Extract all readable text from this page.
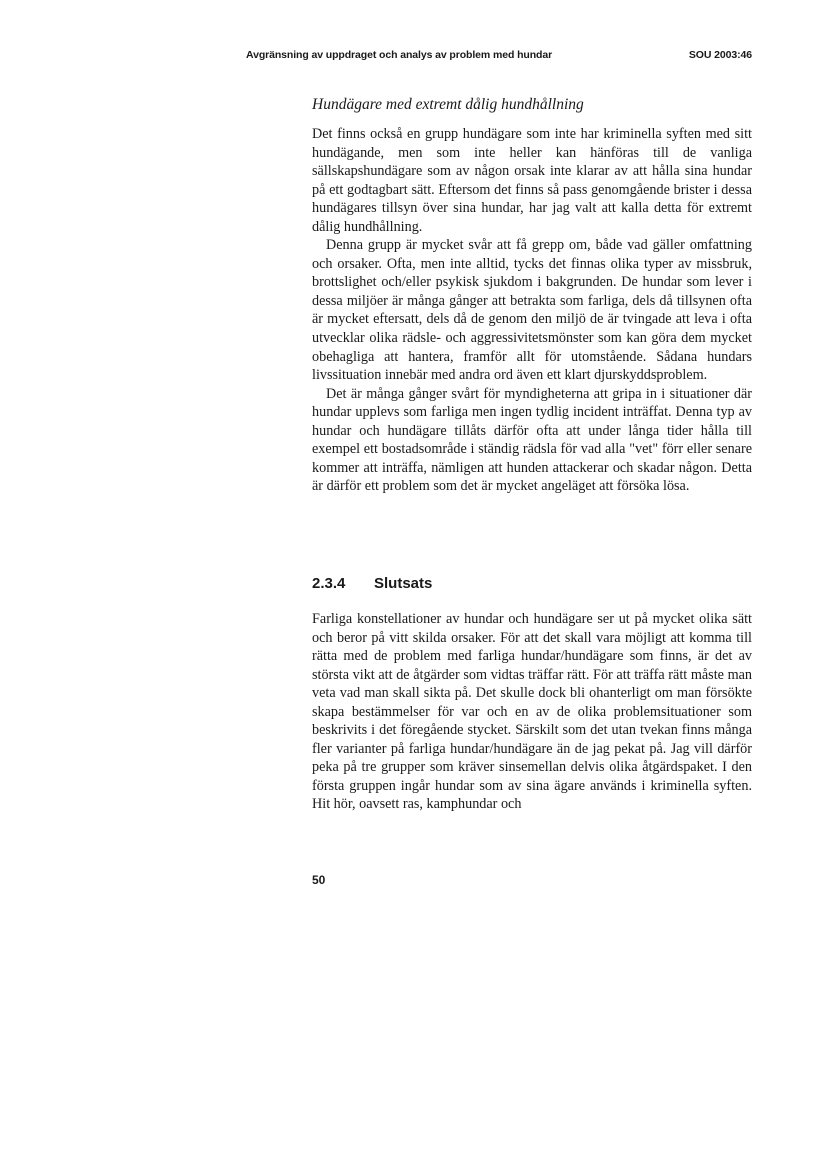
Avgränsning av uppdraget och analys av problem med hundar	SOU 2003:46
Hundägare med extremt dålig hundhållning

Det finns också en grupp hundägare som inte har kriminella syften med sitt hundägande, men som inte heller kan hänföras till de vanliga sällskapshundägare som av någon orsak inte klarar av att hålla sina hundar på ett godtagbart sätt. Eftersom det finns så pass genomgående brister i dessa hundägares tillsyn över sina hundar, har jag valt att kalla detta för extremt dålig hundhållning.

Denna grupp är mycket svår att få grepp om, både vad gäller omfattning och orsaker. Ofta, men inte alltid, tycks det finnas olika typer av missbruk, brottslighet och/eller psykisk sjukdom i bakgrunden. De hundar som lever i dessa miljöer är många gånger att betrakta som farliga, dels då tillsynen ofta är mycket eftersatt, dels då de genom den miljö de är tvingade att leva i ofta utvecklar olika rädsle- och aggressivitetsmönster som kan göra dem mycket obehagliga att hantera, framför allt för utomstående. Sådana hundars livssituation innebär med andra ord även ett klart djurskyddsproblem.

Det är många gånger svårt för myndigheterna att gripa in i situationer där hundar upplevs som farliga men ingen tydlig incident inträffat. Denna typ av hundar och hundägare tillåts därför ofta att under långa tider hålla till exempel ett bostadsområde i ständig rädsla för vad alla "vet" förr eller senare kommer att inträffa, nämligen att hunden attackerar och skadar någon. Detta är därför ett problem som det är mycket angeläget att försöka lösa.

2.3.4 Slutsats

Farliga konstellationer av hundar och hundägare ser ut på mycket olika sätt och beror på vitt skilda orsaker. För att det skall vara möjligt att komma till rätta med de problem med farliga hundar/hundägare som finns, är det av största vikt att de åtgärder som vidtas träffar rätt. För att träffa rätt måste man veta vad man skall sikta på. Det skulle dock bli ohanterligt om man försökte skapa bestämmelser för var och en av de olika problemsituationer som beskrivits i det föregående stycket. Särskilt som det utan tvekan finns många fler varianter på farliga hundar/hundägare än de jag pekat på. Jag vill därför peka på tre grupper som kräver sinsemellan delvis olika åtgärdspaket. I den första gruppen ingår hundar som av sina ägare används i kriminella syften. Hit hör, oavsett ras, kamphundar och

50
